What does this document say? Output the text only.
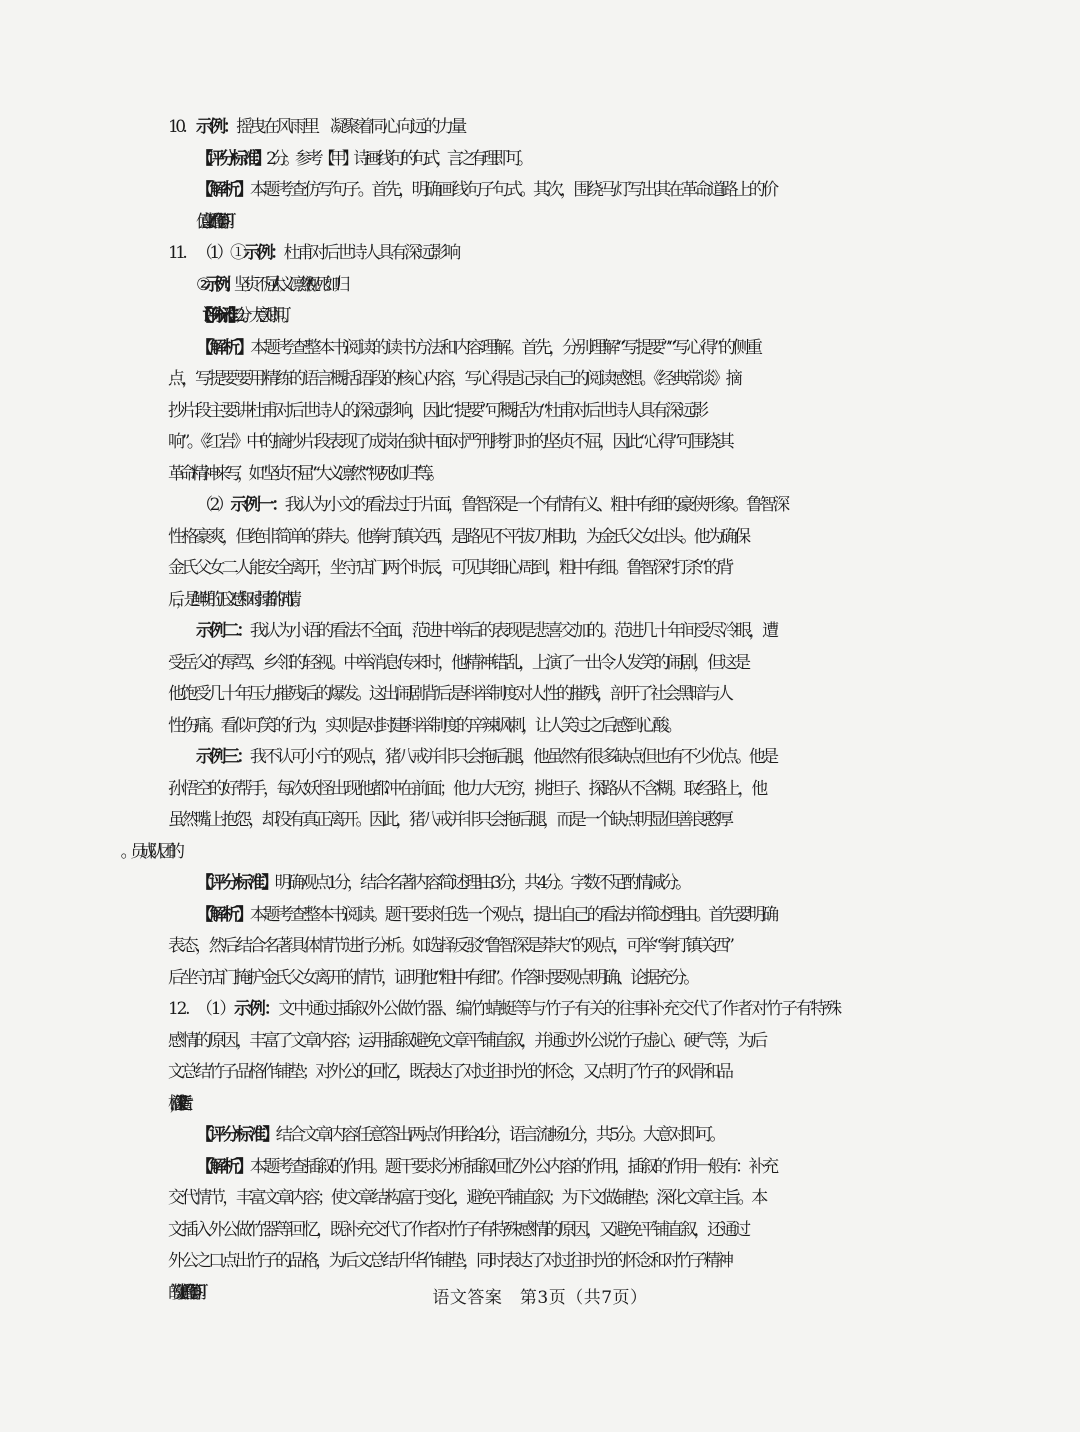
10. 示例：摇曳在风雨里　凝聚着同心向远的力量
【评分标准】2分。参考【甲】诗画线句的句式，言之有理即可。
【解析】本题考查仿写句子。首先，明确画线句子句式。其次，围绕马灯写出其在革命道路上的价
值意义。据此作答即可。
11. （1）①示例：杜甫对后世诗人具有深远影响
②示例：坚贞不屈 / 大义凛然 / 视死如归
【评分标准】2分。大意对即可。
【解析】本题考查整本书阅读的读书方法和内容理解。首先，分别理解“写提要”“写心得”的侧重
点，写提要要用精练的语言概括语段的核心内容，写心得是记录自己的阅读感想。《经典常谈》摘
抄片段主要讲杜甫对后世诗人的深远影响，因此“提要”可概括为“杜甫对后世诗人具有深远影
响”。《红岩》中的摘抄片段表现了成岗在狱中面对严刑拷打时的坚贞不屈，因此“心得”可围绕其
革命精神来写，如“坚贞不屈”“大义凛然”“视死如归”等。
（2）示例一：我认为小文的看法过于片面，鲁智深是一个有情有义、粗中有细的豪侠形象。鲁智深
性格豪爽，但绝非简单的莽夫。他拳打镇关西，是路见不平拔刀相助，为金氏父女出头。他为确保
金氏父女二人能安全离开，坐守店门两个时辰，可见其细心周到，粗中有细。鲁智深“打杀”的背
后，是鲜明的正义感和对弱者的同情。
示例二：我认为小语的看法不全面，范进中举后的表现是悲喜交加的。范进几十年间受尽冷眼，遭
受岳父的辱骂、乡邻的轻视。中举消息传来时，他精神错乱，上演了一出令人发笑的闹剧，但这是
他饱受几十年压力摧残后的爆发。这出闹剧背后是科举制度对人性的摧残，剖开了社会黑暗与人
性伤痛。看似可笑的行为，实则是对封建科举制度的辛辣讽刺，让人笑过之后感到心酸。
示例三：我不认可小宁的观点，猪八戒并非只会拖后腿，他虽然有很多缺点但也有不少优点。他是
孙悟空的好帮手，每次妖怪出现他都冲在前面；他力大无穷，挑担子、探路从不含糊。取经路上，他
虽然嘴上抱怨，却没有真正离开。因此，猪八戒并非只会拖后腿，而是一个缺点明显但善良憨厚
【评分标准】明确观点1分，结合名著内容简述理由3分，共4分。字数不足酌情减分。
【解析】本题考查整本书阅读。题干要求任选一个观点，提出自己的看法并简述理由。首先要明确
表态，然后结合名著具体情节进行分析。如选择反驳“鲁智深是莽夫”的观点，可举“拳打镇关西”
后坐守店门掩护金氏父女离开的情节，证明他“粗中有细”。作答时要观点明确、论据充分。
12. （1）示例：文中通过插叙外公做竹器、编竹蜻蜓等与竹子有关的往事补充交代了作者对竹子有特殊
感情的原因，丰富了文章内容；运用插叙避免文章平铺直叙，并通过外公说竹子虚心、硬气等，为后
文总结竹子品格作铺垫；对外公的回忆，既表达了对过往时光的怀念，又点明了竹子的风骨和品
格，深化了文章主旨。
【评分标准】结合文章内容任意答出两点作用给4分，语言流畅1分，共5分。大意对即可。
【解析】本题考查插叙的作用。题干要求分析插叙回忆外公内容的作用，插叙的作用一般有：补充
交代情节，丰富文章内容；使文章结构富于变化，避免平铺直叙；为下文做铺垫；深化文章主旨。本
文插入外公做竹器等回忆，既补充交代了作者对竹子有特殊感情的原因，又避免平铺直叙，还通过
外公之口点出竹子的品格，为后文总结升华作铺垫，同时表达了对过往时光的怀念和对竹子精神
的赞美。据此作答即可。	语文答案　第3页（共7页）
